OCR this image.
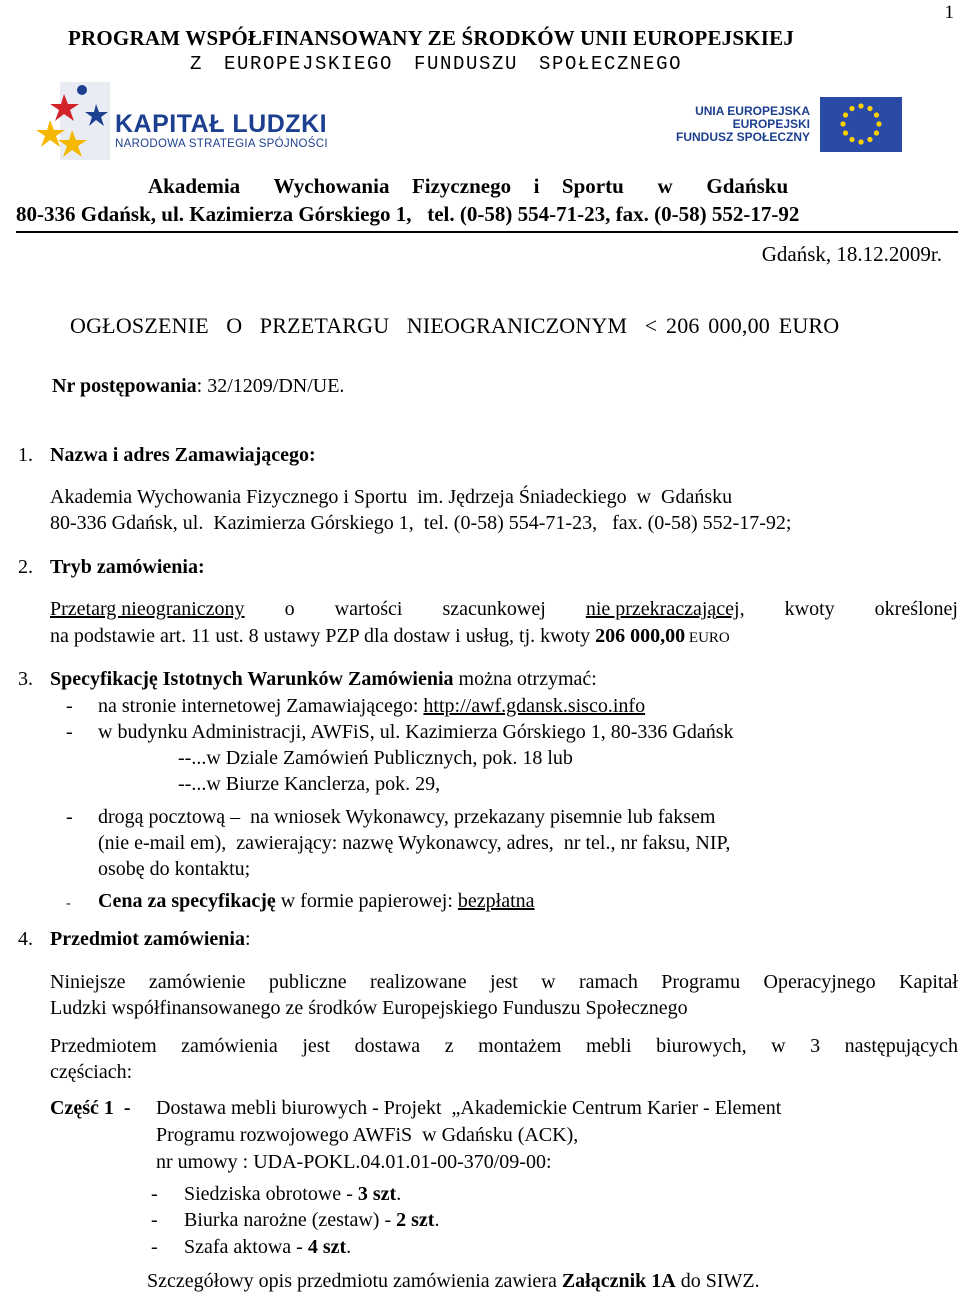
1
PROGRAM WSPÓŁFINANSOWANY ZE ŚRODKÓW UNII EUROPEJSKIEJ
Z EUROPEJSKIEGO FUNDUSZU SPOŁECZNEGO
KAPITAŁ LUDZKI
NARODOWA STRATEGIA SPÓJNOŚCI
UNIA EUROPEJSKA
EUROPEJSKI
FUNDUSZ SPOŁECZNY
Akademia   Wychowania  Fizycznego  i  Sportu   w   Gdańsku
80-336 Gdańsk, ul. Kazimierza Górskiego 1,   tel. (0-58) 554-71-23, fax. (0-58) 552-17-92
Gdańsk, 18.12.2009r.
OGŁOSZENIE  O  PRZETARGU  NIEOGRANICZONYM  < 206 000,00 EURO
Nr postępowania: 32/1209/DN/UE.
1. Nazwa i adres Zamawiającego:
Akademia Wychowania Fizycznego i Sportu  im. Jędrzeja Śniadeckiego  w  Gdańsku
80-336 Gdańsk, ul.  Kazimierza Górskiego 1,  tel. (0-58) 554-71-23,   fax. (0-58) 552-17-92;
2. Tryb zamówienia:
Przetarg nieograniczony o wartości szacunkowej nie przekraczającej, kwoty określonej
na podstawie art. 11 ust. 8 ustawy PZP dla dostaw i usług, tj. kwoty 206 000,00 EURO
3. Specyfikację Istotnych Warunków Zamówienia można otrzymać:
- na stronie internetowej Zamawiającego: http://awf.gdansk.sisco.info
- w budynku Administracji, AWFiS, ul. Kazimierza Górskiego 1, 80-336 Gdańsk
--...w Dziale Zamówień Publicznych, pok. 18 lub
--...w Biurze Kanclerza, pok. 29,
- drogą pocztową –  na wniosek Wykonawcy, przekazany pisemnie lub faksem
(nie e-mail em),  zawierający: nazwę Wykonawcy, adres,  nr tel., nr faksu, NIP,
osobę do kontaktu;
- Cena za specyfikację w formie papierowej: bezpłatna
4. Przedmiot zamówienia:
Niniejsze zamówienie publiczne realizowane jest w ramach Programu Operacyjnego Kapitał
Ludzki współfinansowanego ze środków Europejskiego Funduszu Społecznego
Przedmiotem zamówienia jest dostawa z montażem mebli biurowych, w 3 następujących
częściach:
Część 1  - Dostawa mebli biurowych - Projekt  „Akademickie Centrum Karier - Element
Programu rozwojowego AWFiS  w Gdańsku (ACK),
nr umowy : UDA-POKL.04.01.01-00-370/09-00:
- Siedziska obrotowe - 3 szt.
- Biurka narożne (zestaw) - 2 szt.
- Szafa aktowa - 4 szt.
Szczegółowy opis przedmiotu zamówienia zawiera Załącznik 1A do SIWZ.
